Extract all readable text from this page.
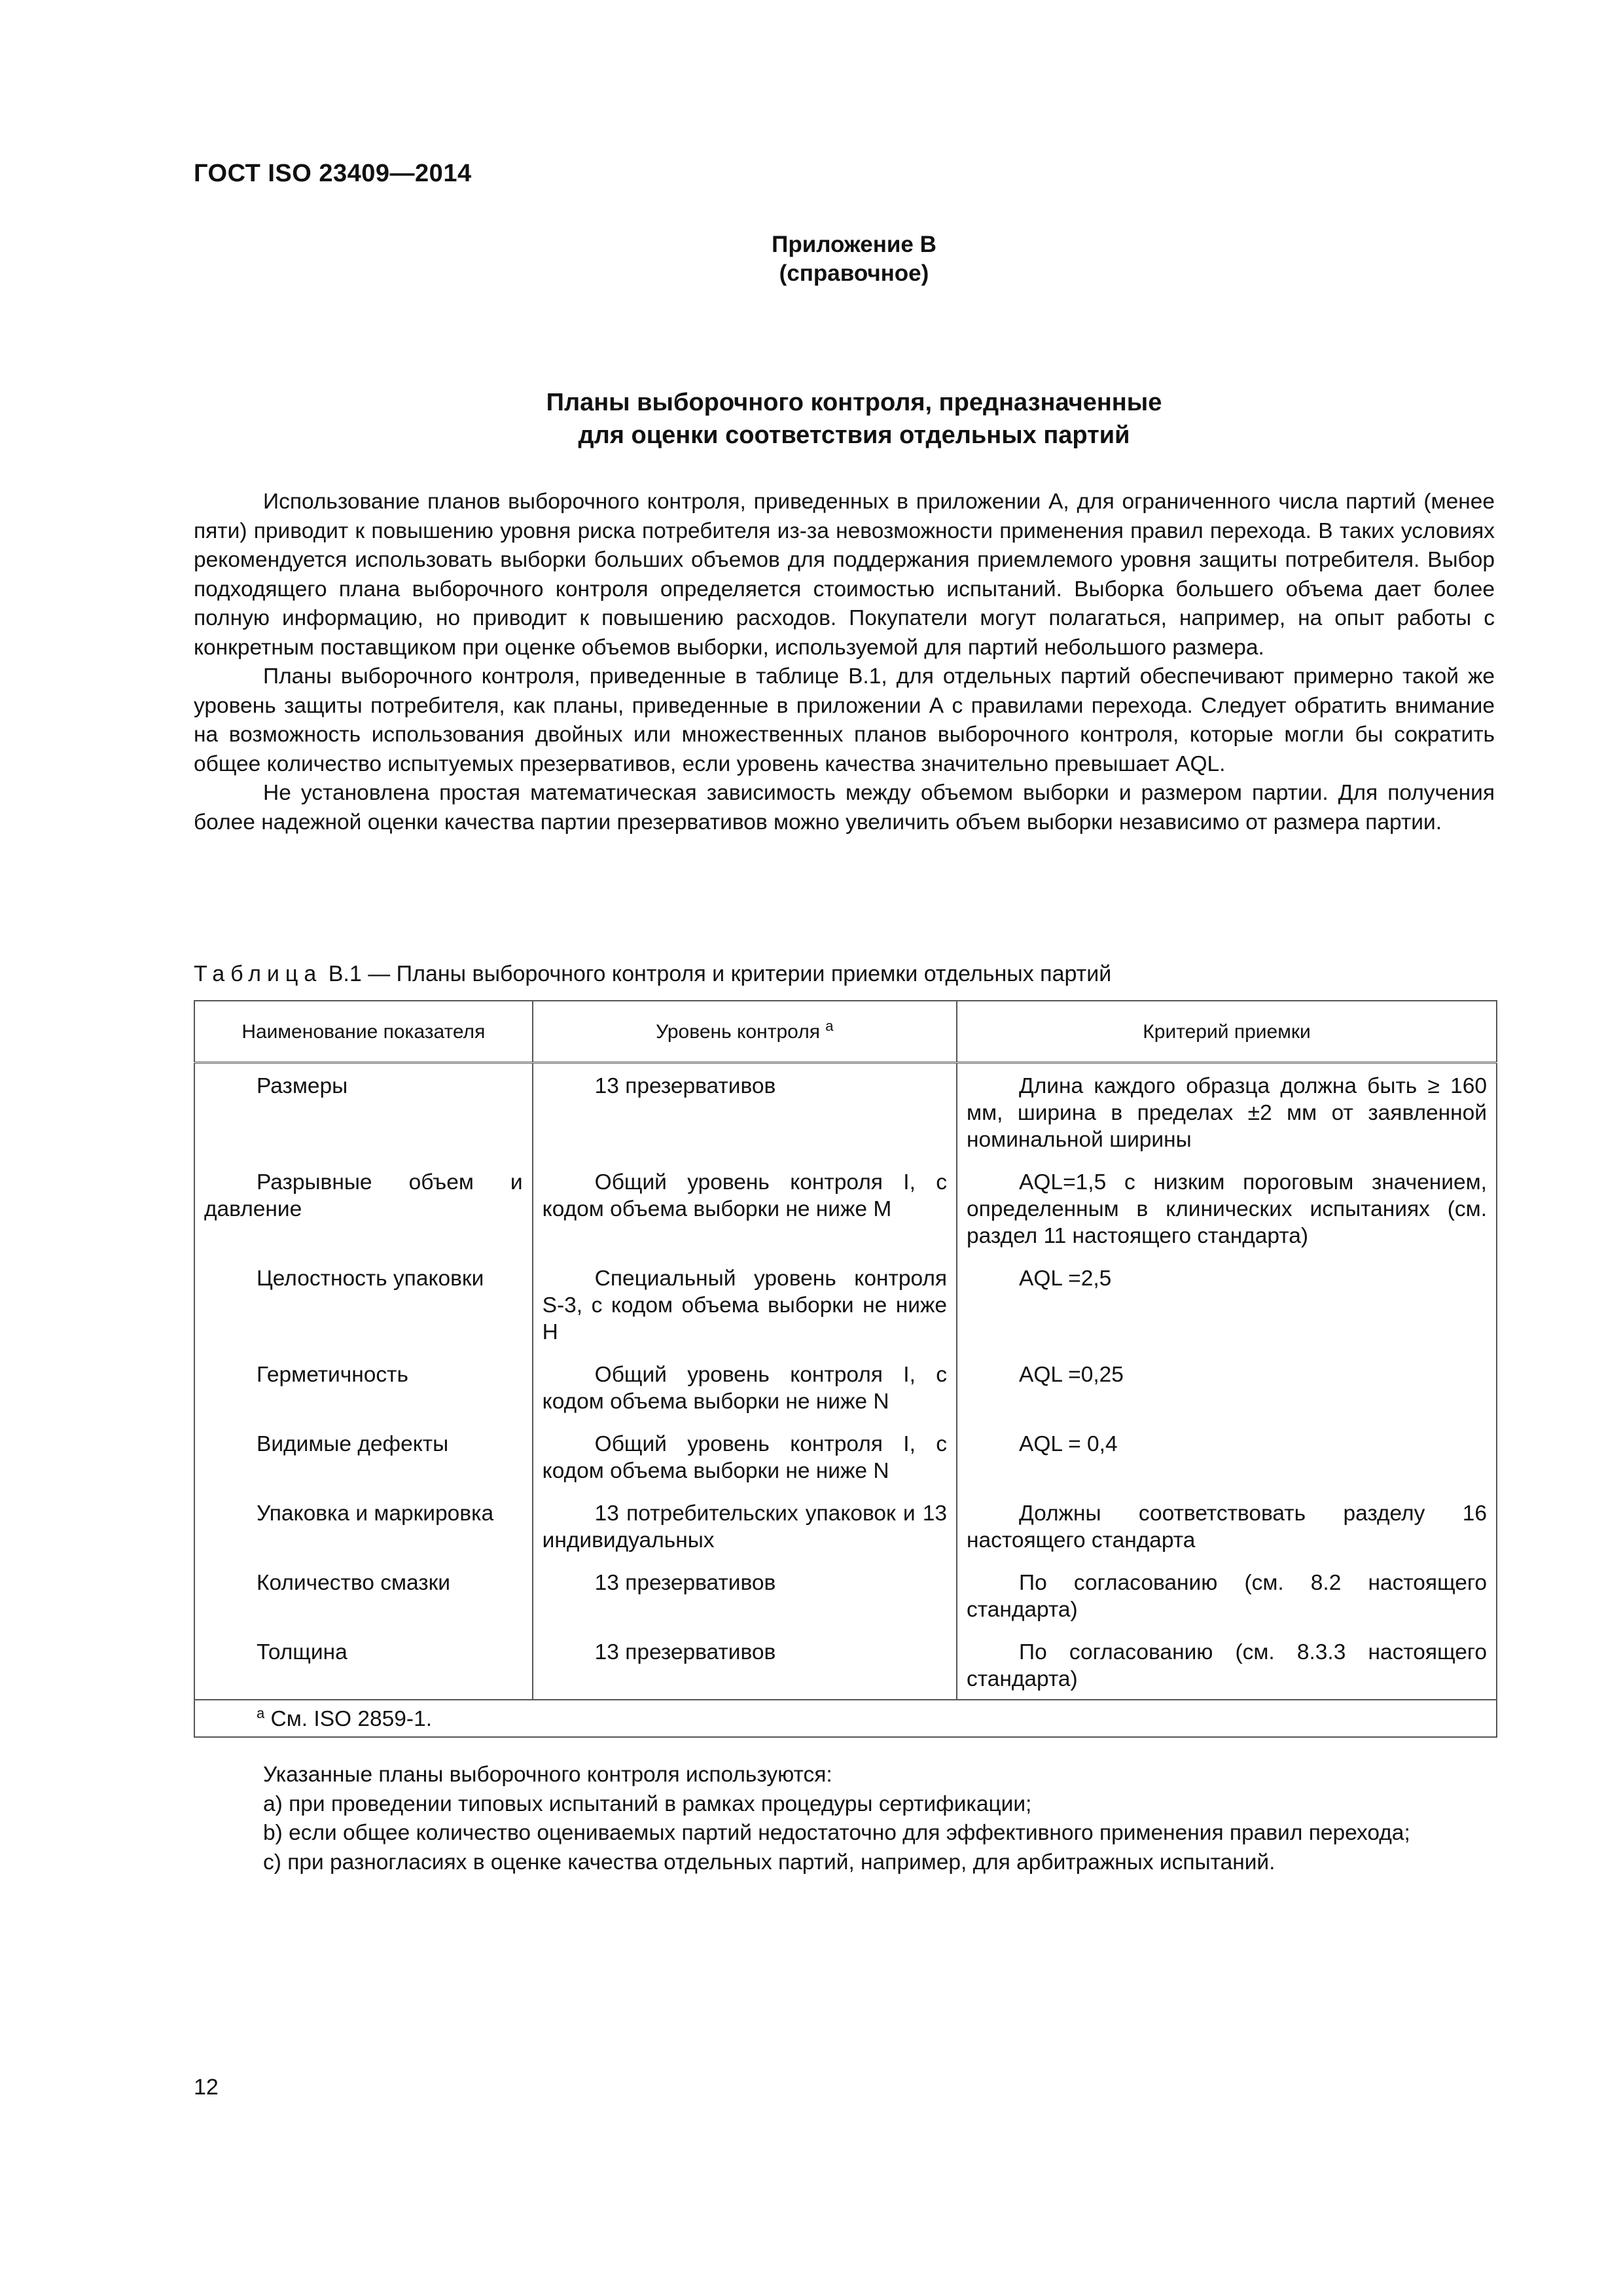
ГОСТ ISO 23409—2014
Приложение В
(справочное)
Планы выборочного контроля, предназначенные
для оценки соответствия отдельных партий

Использование планов выборочного контроля, приведенных в приложении А, для ограниченного числа партий (менее пяти) приводит к повышению уровня риска потребителя из-за невозможности применения правил перехода. В таких условиях рекомендуется использовать выборки больших объемов для поддержания приемлемого уровня защиты потребителя. Выбор подходящего плана выборочного контроля определяется стоимостью испытаний. Выборка большего объема дает более полную информацию, но приводит к повышению расходов. Покупатели могут полагаться, например, на опыт работы с конкретным поставщиком при оценке объемов выборки, используемой для партий небольшого размера.

Планы выборочного контроля, приведенные в таблице В.1, для отдельных партий обеспечивают примерно такой же уровень защиты потребителя, как планы, приведенные в приложении А с правилами перехода. Следует обратить внимание на возможность использования двойных или множественных планов выборочного контроля, которые могли бы сократить общее количество испытуемых презервативов, если уровень качества значительно превышает AQL.

Не установлена простая математическая зависимость между объемом выборки и размером партии. Для получения более надежной оценки качества партии презервативов можно увеличить объем выборки независимо от размера партии.

Таблица В.1 — Планы выборочного контроля и критерии приемки отдельных партий
Наименование показателя	Уровень контроля $^а$	Критерий приемки
Размеры	13 презервативов	Длина каждого образца должна быть ≥ 160 мм, ширина в пределах ±2 мм от заявленной номинальной ширины
Разрывные объем и давление	Общий уровень контроля I, с кодом объема выборки не ниже M	AQL=1,5 с низким пороговым значением, определенным в клинических испытаниях (см. раздел 11 настоящего стандарта)
Целостность упаковки	Специальный уровень контроля S-3, с кодом объема выборки не ниже H	AQL =2,5
Герметичность	Общий уровень контроля I, с кодом объема выборки не ниже N	AQL =0,25
Видимые дефекты	Общий уровень контроля I, с кодом объема выборки не ниже N	AQL = 0,4
Упаковка и маркировка	13 потребительских упаковок и 13 индивидуальных	Должны соответствовать разделу 16 настоящего стандарта
Количество смазки	13 презервативов	По согласованию (см. 8.2 настоящего стандарта)
Толщина	13 презервативов	По согласованию (см. 8.3.3 настоящего стандарта)
$^а$ См. ISO 2859-1.		

Указанные планы выборочного контроля используются:

а) при проведении типовых испытаний в рамках процедуры сертификации;

b) если общее количество оцениваемых партий недостаточно для эффективного применения правил перехода;

с) при разногласиях в оценке качества отдельных партий, например, для арбитражных испытаний.

12
